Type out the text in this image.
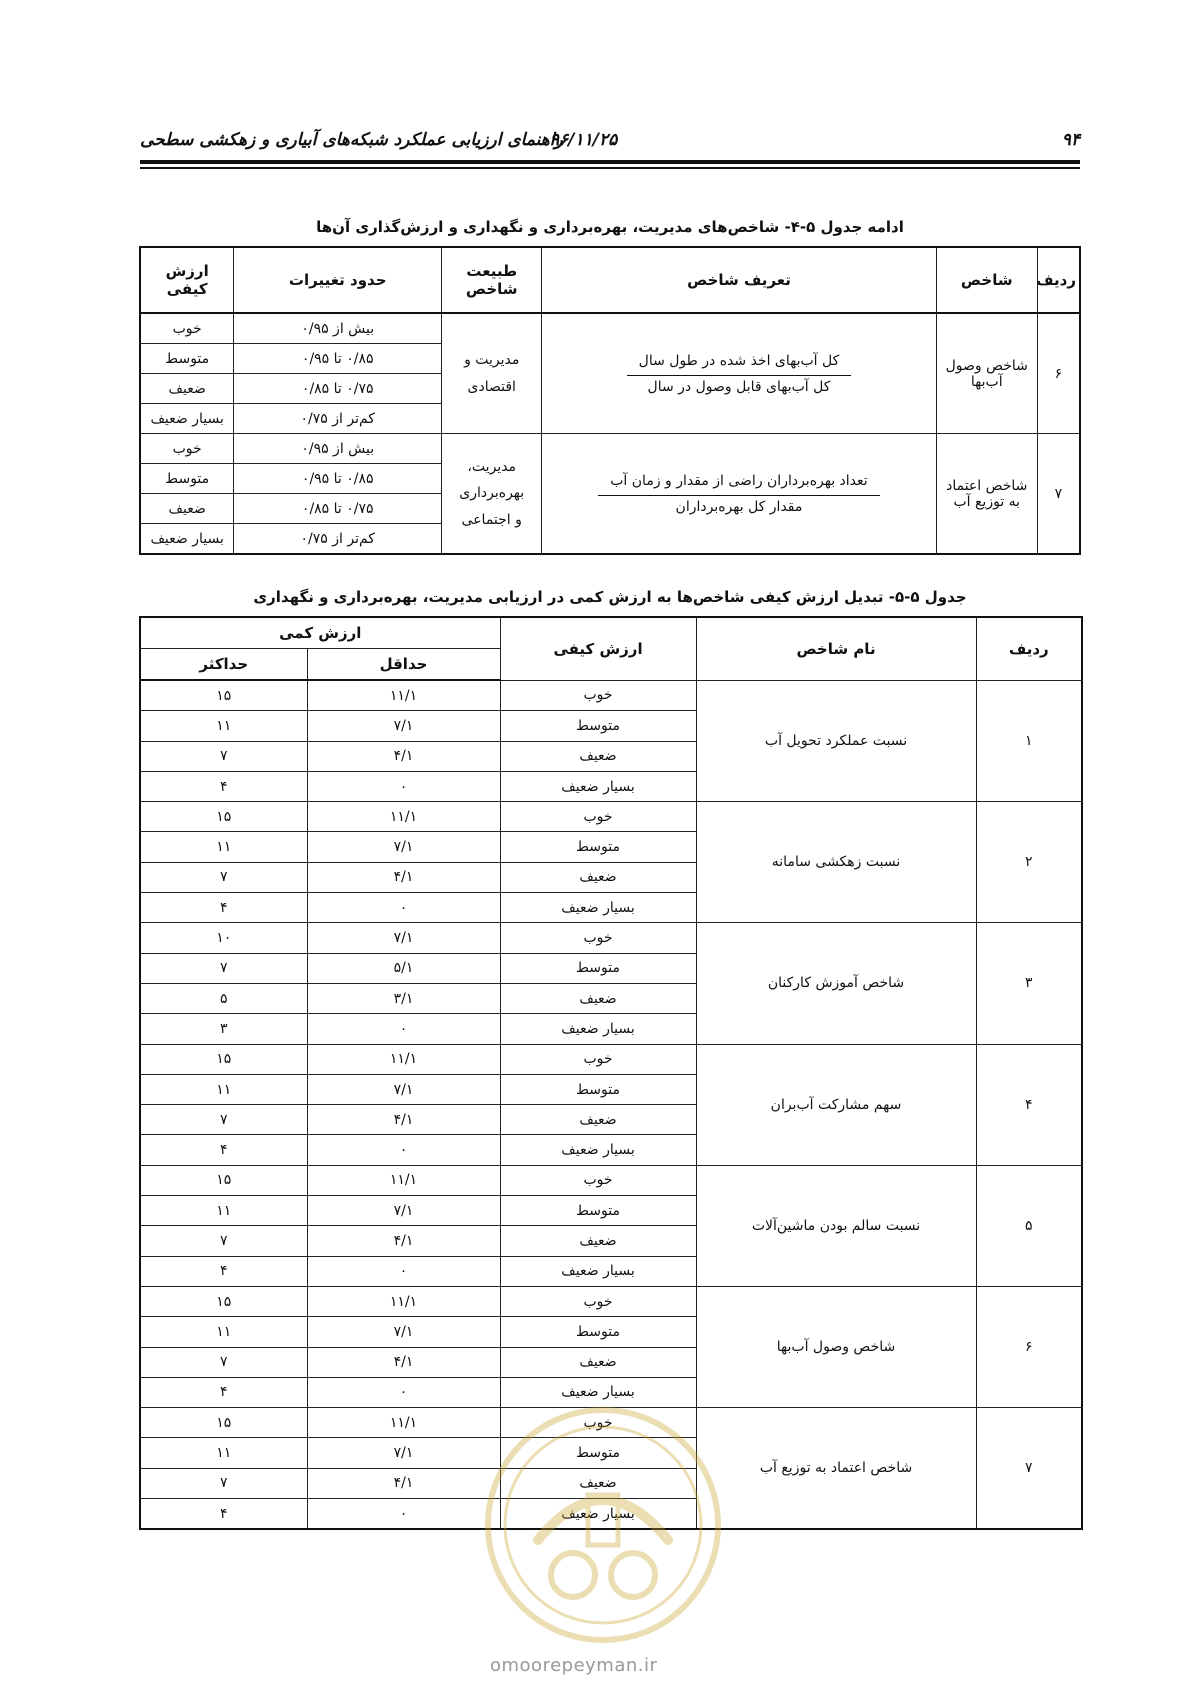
۹۴
۹۶/۱۱/۲۵
راهنمای ارزیابی عملکرد شبکه‌های آبیاری و زهکشی سطحی
ادامه جدول ۵-۴- شاخص‌های مدیریت، بهره‌برداری و نگهداری و ارزش‌گذاری آن‌ها
ردیف	شاخص	تعریف شاخص	طبیعت شاخص	حدود تغییرات	ارزش کیفی
۶	شاخص وصول آب‌بها	$\frac{\text{کل آب‌بهای اخذ شده در طول سال}}{\text{کل آب‌بهای قابل وصول در سال}}$	مدیریت و اقتصادی	بیش از ۰/۹۵	خوب
				۰/۸۵ تا ۰/۹۵	متوسط
				۰/۷۵ تا ۰/۸۵	ضعیف
				کم‌تر از ۰/۷۵	بسیار ضعیف
۷	شاخص اعتماد به توزیع آب	$\frac{\text{تعداد بهره‌برداران راضی از مقدار و زمان آب}}{\text{مقدار کل بهره‌برداران}}$	مدیریت، بهره‌برداری و اجتماعی	بیش از ۰/۹۵	خوب
				۰/۸۵ تا ۰/۹۵	متوسط
				۰/۷۵ تا ۰/۸۵	ضعیف
				کم‌تر از ۰/۷۵	بسیار ضعیف
جدول ۵-۵- تبدیل ارزش کیفی شاخص‌ها به ارزش کمی در ارزیابی مدیریت، بهره‌برداری و نگهداری
ردیف	نام شاخص	ارزش کیفی	ارزش کمی	
			حداقل	حداکثر
۱	نسبت عملکرد تحویل آب	خوب	۱۱/۱	۱۵
		متوسط	۷/۱	۱۱
		ضعیف	۴/۱	۷
		بسیار ضعیف	۰	۴
۲	نسبت زهکشی سامانه	خوب	۱۱/۱	۱۵
		متوسط	۷/۱	۱۱
		ضعیف	۴/۱	۷
		بسیار ضعیف	۰	۴
۳	شاخص آموزش کارکنان	خوب	۷/۱	۱۰
		متوسط	۵/۱	۷
		ضعیف	۳/۱	۵
		بسیار ضعیف	۰	۳
۴	سهم مشارکت آب‌بران	خوب	۱۱/۱	۱۵
		متوسط	۷/۱	۱۱
		ضعیف	۴/۱	۷
		بسیار ضعیف	۰	۴
۵	نسبت سالم بودن ماشین‌آلات	خوب	۱۱/۱	۱۵
		متوسط	۷/۱	۱۱
		ضعیف	۴/۱	۷
		بسیار ضعیف	۰	۴
۶	شاخص وصول آب‌بها	خوب	۱۱/۱	۱۵
		متوسط	۷/۱	۱۱
		ضعیف	۴/۱	۷
		بسیار ضعیف	۰	۴
۷	شاخص اعتماد به توزیع آب	خوب	۱۱/۱	۱۵
		متوسط	۷/۱	۱۱
		ضعیف	۴/۱	۷
		بسیار ضعیف	۰	۴
omoorepeyman.ir
